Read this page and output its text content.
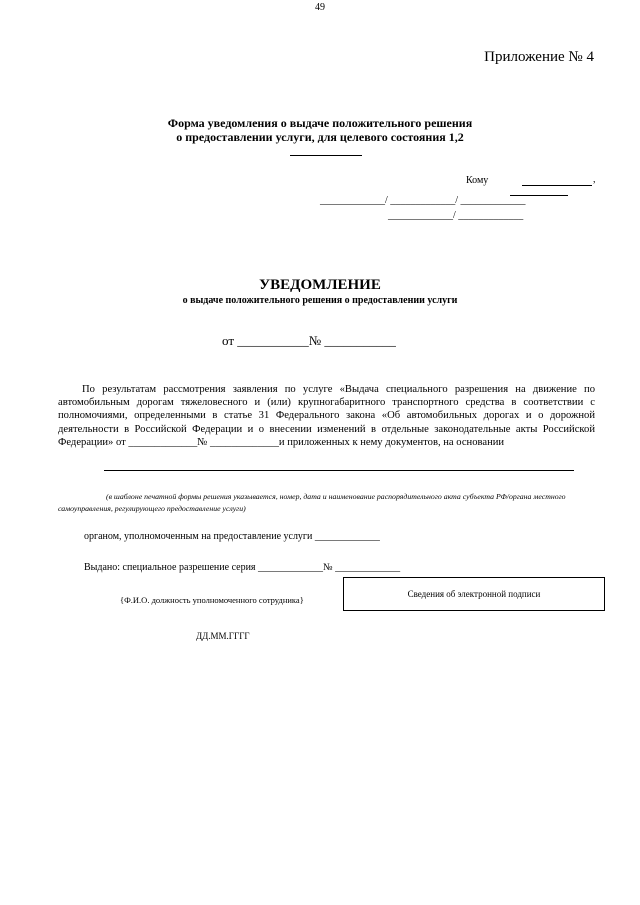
49
Приложение № 4
Форма уведомления о выдаче положительного решения
о предоставлении услуги, для целевого состояния 1,2
Кому	,
_____________/ _____________/ _____________
_____________/ _____________
УВЕДОМЛЕНИЕ
о выдаче положительного решения о предоставлении услуги
от ___________№ ___________
По результатам рассмотрения заявления по услуге «Выдача специального разрешения на движение по автомобильным дорогам тяжеловесного и (или) крупногабаритного транспортного средства в соответствии с полномочиями, определенными в статье 31 Федерального закона «Об автомобильных дорогах и о дорожной деятельности в Российской Федерации и о внесении изменений в отдельные законодательные акты Российской Федерации» от _____________№ _____________и приложенных к нему документов, на основании
(в шаблоне печатной формы решения указывается, номер, дата и наименование распорядительного акта субъекта РФ/органа местного самоуправления, регулирующего предоставление услуги)
органом, уполномоченным на предоставление услуги _____________
Выдано: специальное разрешение серия _____________№ _____________
{Ф.И.О. должность уполномоченного сотрудника}
Сведения об электронной подписи
ДД.ММ.ГГГГ
